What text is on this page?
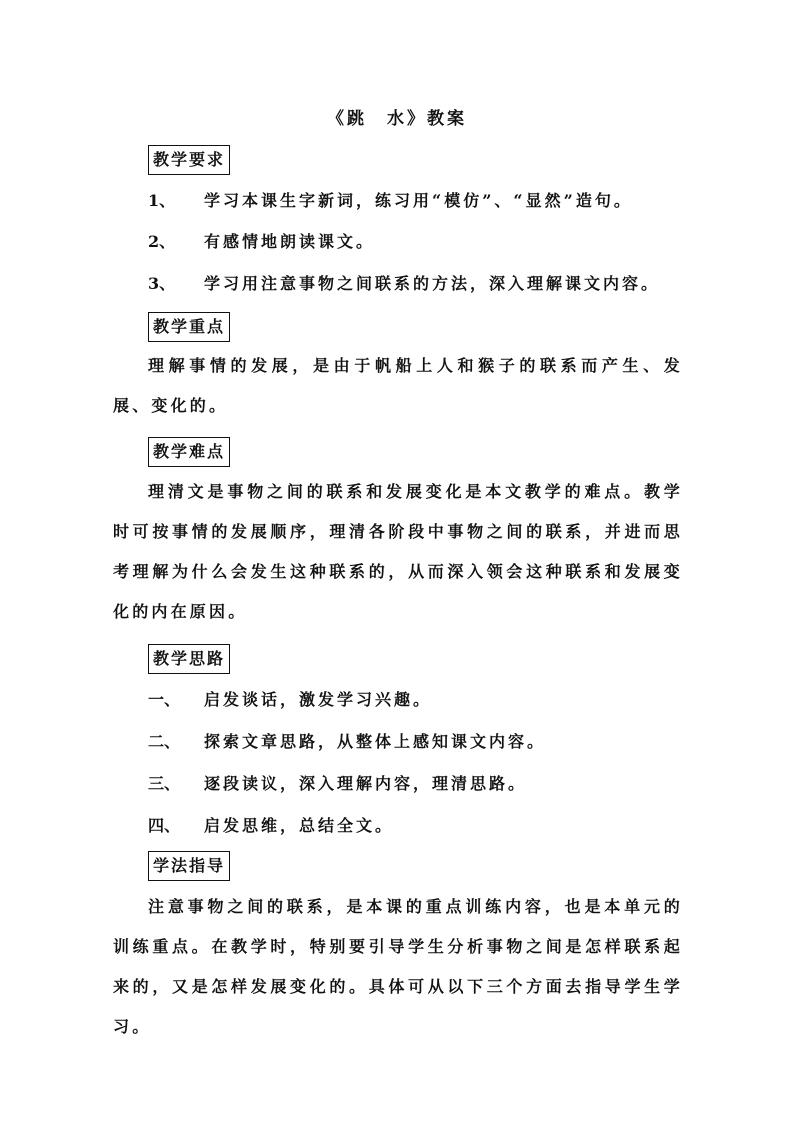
《跳　水》教案
教学要求
1、 学习本课生字新词，练习用“模仿”、“显然”造句。
2、 有感情地朗读课文。
3、 学习用注意事物之间联系的方法，深入理解课文内容。
教学重点
理解事情的发展，是由于帆船上人和猴子的联系而产生、发展、变化的。
教学难点
理清文是事物之间的联系和发展变化是本文教学的难点。教学时可按事情的发展顺序，理清各阶段中事物之间的联系，并进而思考理解为什么会发生这种联系的，从而深入领会这种联系和发展变化的内在原因。
教学思路
一、 启发谈话，激发学习兴趣。
二、 探索文章思路，从整体上感知课文内容。
三、 逐段读议，深入理解内容，理清思路。
四、 启发思维，总结全文。
学法指导
注意事物之间的联系，是本课的重点训练内容，也是本单元的训练重点。在教学时，特别要引导学生分析事物之间是怎样联系起来的，又是怎样发展变化的。具体可从以下三个方面去指导学生学习。
